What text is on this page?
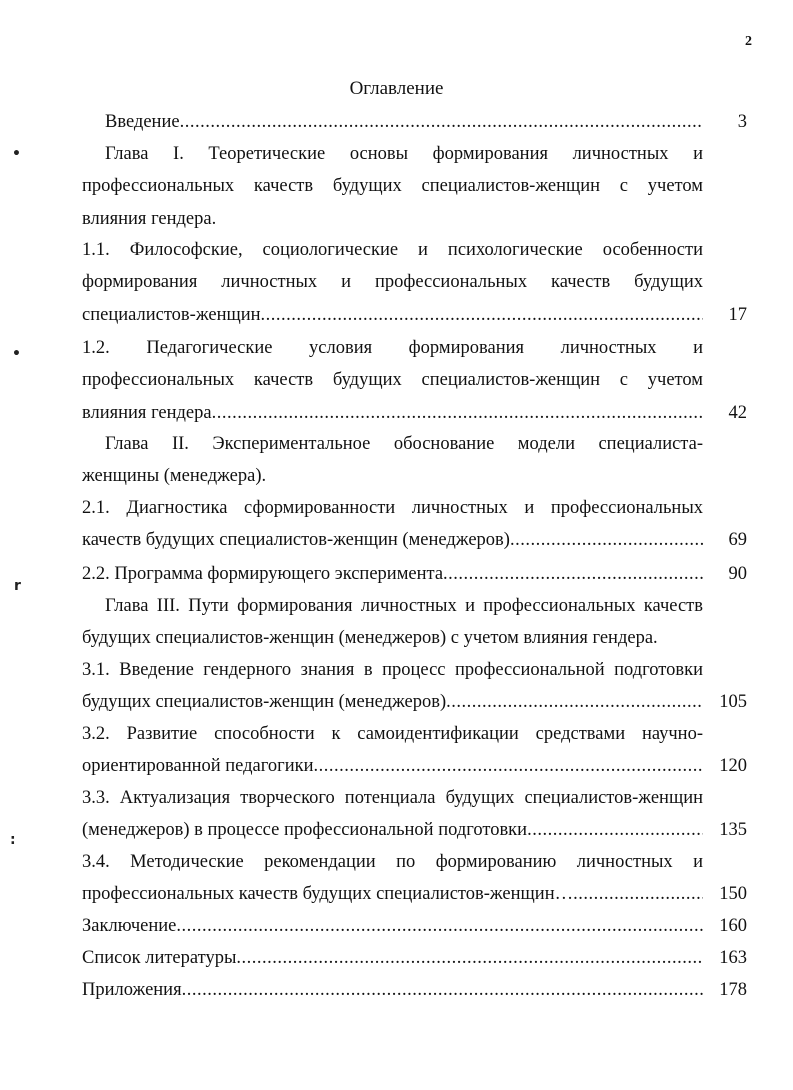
2
Оглавление
•
•
r
:
Введение .....	3
Глава I. Теоретические основы формирования личностных и
профессиональных качеств будущих специалистов-женщин с учетом
влияния гендера.
1.1. Философские, социологические и психологические особенности
формирования личностных и профессиональных качеств будущих
специалистов-женщин .....	17
1.2. Педагогические условия формирования личностных и
профессиональных качеств будущих специалистов-женщин с учетом
влияния гендера .....	42
Глава II. Экспериментальное обоснование модели специалиста-
женщины (менеджера).
2.1. Диагностика сформированности личностных и профессиональных
качеств будущих специалистов-женщин (менеджеров) .....	69
2.2. Программа формирующего эксперимента .....	90
Глава III. Пути формирования личностных и профессиональных качеств
будущих специалистов-женщин (менеджеров) с учетом влияния гендера.
3.1. Введение гендерного знания в процесс профессиональной подготовки
будущих специалистов-женщин (менеджеров) .....	105
3.2. Развитие способности к самоидентификации средствами научно-
ориентированной педагогики .....	120
3.3. Актуализация творческого потенциала будущих специалистов-женщин
(менеджеров) в процессе профессиональной подготовки .....	135
3.4. Методические рекомендации по формированию личностных и
профессиональных качеств будущих специалистов-женщин… .....	150
Заключение .....	160
Список литературы .....	163
Приложения .....	178
